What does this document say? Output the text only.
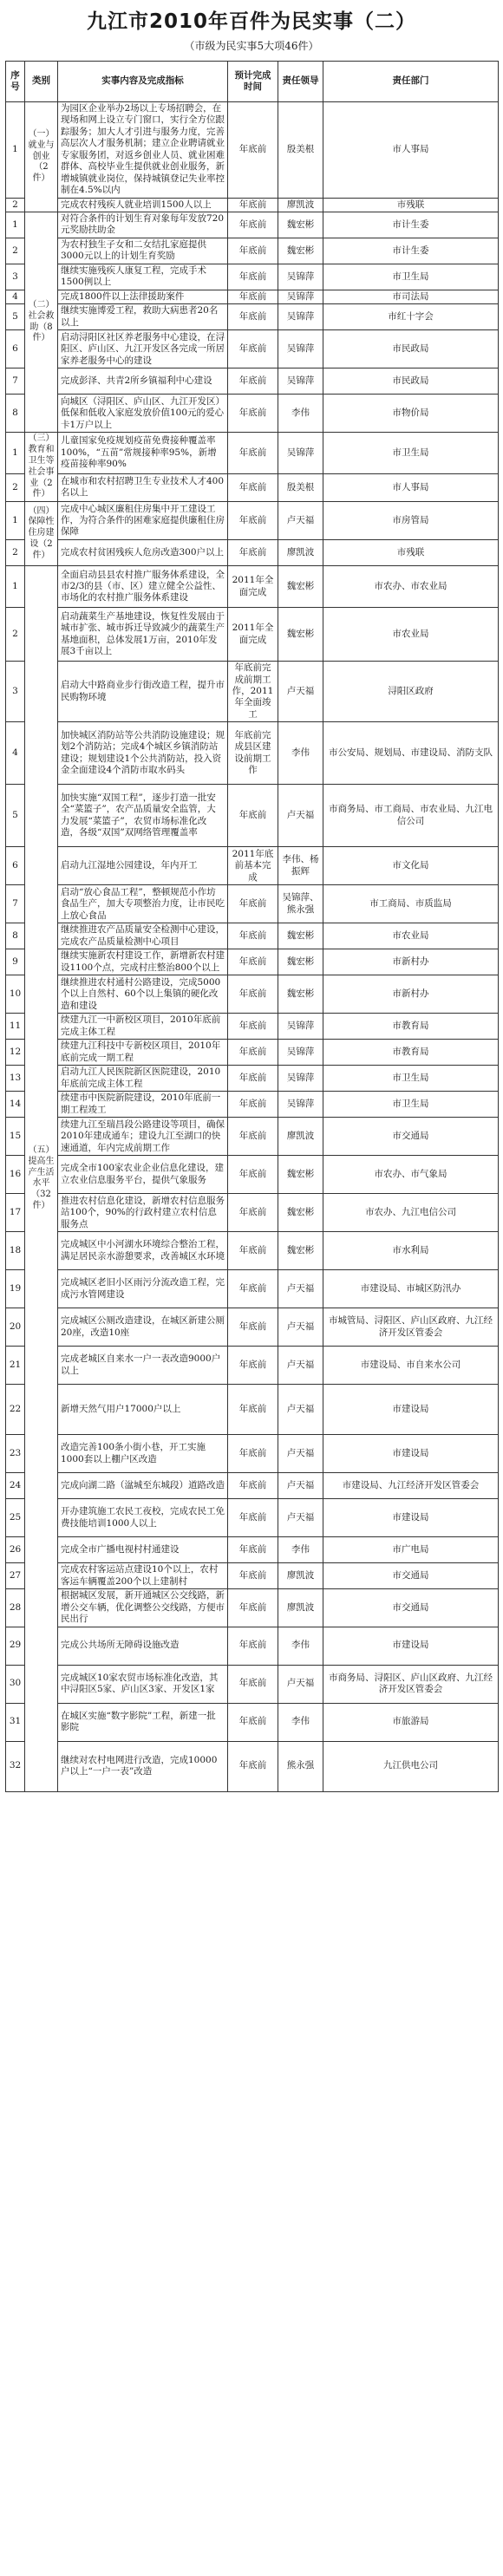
九江市2010年百件为民实事（二）
（市级为民实事5大项46件）
序号	类别	实事内容及完成指标	预计完成时间	责任领导	责任部门
1	（一）就业与创业（2件）	为园区企业举办2场以上专场招聘会，在现场和网上设立专门窗口，实行全方位跟踪服务；加大人才引进与服务力度，完善高层次人才服务机制；建立企业聘请就业专家服务团，对返乡创业人员、就业困难群体、高校毕业生提供就业创业服务，新增城镇就业岗位，保持城镇登记失业率控制在4.5%以内	年底前	殷美根	市人事局
2		完成农村残疾人就业培训1500人以上	年底前	廖凯波	市残联
1	（二）社会救助（8件）	对符合条件的计划生育对象每年发放720元奖励扶助金	年底前	魏宏彬	市计生委
2		为农村独生子女和二女结扎家庭提供3000元以上的计划生育奖励	年底前	魏宏彬	市计生委
3		继续实施残疾人康复工程，完成手术1500例以上	年底前	吴锦萍	市卫生局
4		完成1800件以上法律援助案件	年底前	吴锦萍	市司法局
5		继续实施博爱工程，救助大病患者20名以上	年底前	吴锦萍	市红十字会
6		启动浔阳区社区养老服务中心建设，在浔阳区、庐山区、九江开发区各完成一所居家养老服务中心的建设	年底前	吴锦萍	市民政局
7		完成彭泽、共青2所乡镇福利中心建设	年底前	吴锦萍	市民政局
8		向城区（浔阳区、庐山区、九江开发区）低保和低收入家庭发放价值100元的爱心卡1万户以上	年底前	李伟	市物价局
1	（三）教育和卫生等社会事业（2件）	儿童国家免疫规划疫苗免费接种覆盖率100%，“五苗”常规接种率95%，新增疫苗接种率90%	年底前	吴锦萍	市卫生局
2		在城市和农村招聘卫生专业技术人才400名以上	年底前	殷美根	市人事局
1	（四）保障性住房建设（2件）	完成中心城区廉租住房集中开工建设工作，为符合条件的困难家庭提供廉租住房保障	年底前	卢天福	市房管局
2		完成农村贫困残疾人危房改造300户以上	年底前	廖凯波	市残联
1	（五）提高生产生活水平（32件）	全面启动县县农村推广服务体系建设，全市2/3的县（市、区）建立健全公益性、市场化的农村推广服务体系建设	2011年全面完成	魏宏彬	市农办、市农业局
2		启动蔬菜生产基地建设，恢复性发展由于城市扩张、城市拆迁导致减少的蔬菜生产基地面积，总体发展1万亩，2010年发展3千亩以上	2011年全面完成	魏宏彬	市农业局
3		启动大中路商业步行街改造工程，提升市民购物环境	年底前完成前期工作，2011年全面竣工	卢天福	浔阳区政府
4		加快城区消防站等公共消防设施建设；规划2个消防站；完成4个城区乡镇消防站建设；规划建设1个公共消防站，投入资金全面建设4个消防市取水码头	年底前完成县区建设前期工作	李伟	市公安局、规划局、市建设局、消防支队
5		加快实施“双国工程”，逐步打造一批安全“菜篮子”，农产品质量安全监管，大力发展“菜篮子”，农贸市场标准化改造，各级“双国”双网络管理覆盖率	年底前	卢天福	市商务局、市工商局、市农业局、九江电信公司
6		启动九江湿地公园建设，年内开工	2011年底前基本完成	李伟、杨振辉	市文化局
7		启动“放心食品工程”，整顿规范小作坊食品生产，加大专项整治力度，让市民吃上放心食品	年底前	吴锦萍、熊永强	市工商局、市质监局
8		继续推进农产品质量安全检测中心建设，完成农产品质量检测中心项目	年底前	魏宏彬	市农业局
9		继续实施新农村建设工作，新增新农村建设1100个点，完成村庄整治800个以上	年底前	魏宏彬	市新村办
10		继续推进农村通村公路建设，完成5000个以上自然村、60个以上集镇的硬化改造和建设	年底前	魏宏彬	市新村办
11		续建九江一中新校区项目，2010年底前完成主体工程	年底前	吴锦萍	市教育局
12		续建九江科技中专新校区项目，2010年底前完成一期工程	年底前	吴锦萍	市教育局
13		启动九江人民医院新区医院建设，2010年底前完成主体工程	年底前	吴锦萍	市卫生局
14		续建市中医院新院建设，2010年底前一期工程竣工	年底前	吴锦萍	市卫生局
15		续建九江至瑞昌段公路建设等项目，确保2010年建成通车；建设九江至湖口的快速通道，年内完成前期工作	年底前	廖凯波	市交通局
16		完成全市100家农业企业信息化建设，建立农业信息服务平台，提供气象服务	年底前	魏宏彬	市农办、市气象局
17		推进农村信息化建设，新增农村信息服务站100个，90%的行政村建立农村信息服务点	年底前	魏宏彬	市农办、九江电信公司
18		完成城区中小河湖水环境综合整治工程，满足居民亲水游憩要求，改善城区水环境	年底前	魏宏彬	市水利局
19		完成城区老旧小区雨污分流改造工程，完成污水管网建设	年底前	卢天福	市建设局、市城区防汛办
20		完成城区公厕改造建设，在城区新建公厕20座，改造10座	年底前	卢天福	市城管局、浔阳区、庐山区政府、九江经济开发区管委会
21		完成老城区自来水一户一表改造9000户以上	年底前	卢天福	市建设局、市自来水公司
22		新增天然气用户17000户以上	年底前	卢天福	市建设局
23		改造完善100条小街小巷，开工实施1000套以上棚户区改造	年底前	卢天福	市建设局
24		完成向湖二路（湓城至东城段）道路改造	年底前	卢天福	市建设局、九江经济开发区管委会
25		开办建筑施工农民工夜校，完成农民工免费技能培训1000人以上	年底前	卢天福	市建设局
26		完成全市广播电视村村通建设	年底前	李伟	市广电局
27		完成农村客运站点建设10个以上，农村客运车辆覆盖200个以上建制村	年底前	廖凯波	市交通局
28		根据城区发展，新开通城区公交线路，新增公交车辆，优化调整公交线路，方便市民出行	年底前	廖凯波	市交通局
29		完成公共场所无障碍设施改造	年底前	李伟	市建设局
30		完成城区10家农贸市场标准化改造，其中浔阳区5家、庐山区3家、开发区1家	年底前	卢天福	市商务局、浔阳区、庐山区政府、九江经济开发区管委会
31		在城区实施“数字影院”工程，新建一批影院	年底前	李伟	市旅游局
32		继续对农村电网进行改造，完成10000户以上“一户一表”改造	年底前	熊永强	九江供电公司
